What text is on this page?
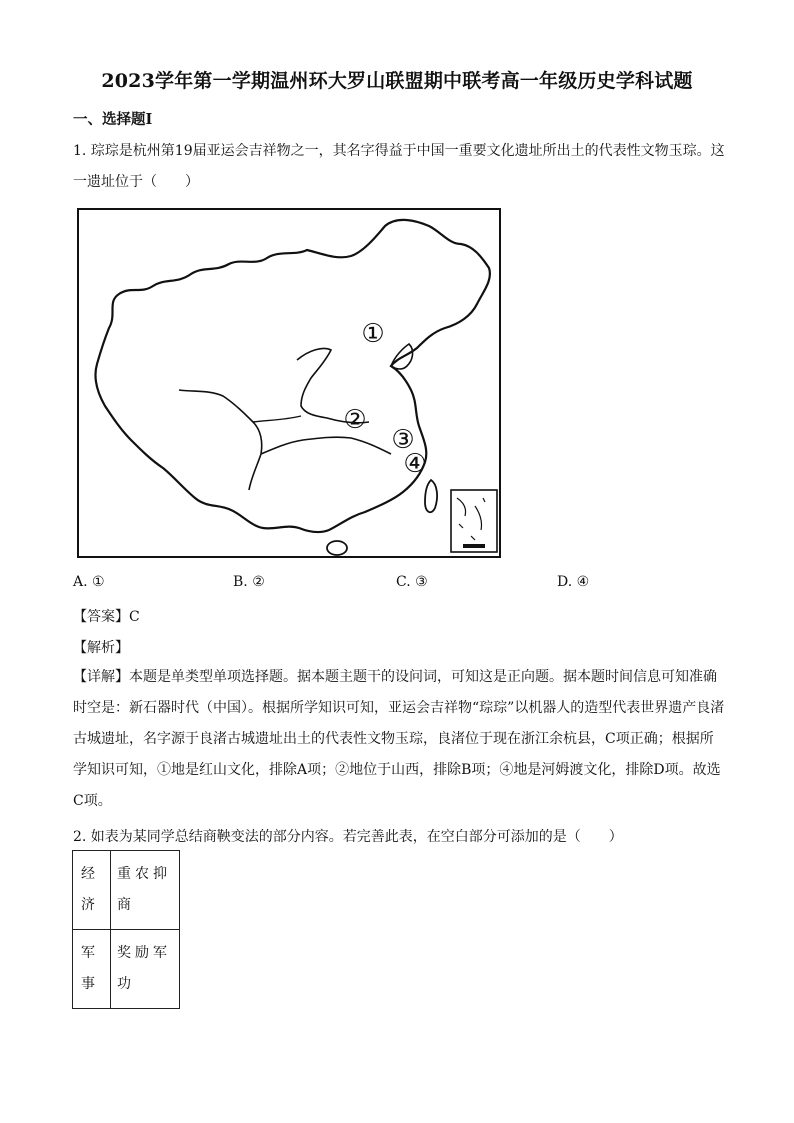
2023学年第一学期温州环大罗山联盟期中联考高一年级历史学科试题
一、选择题Ⅰ
1. 琮琮是杭州第19届亚运会吉祥物之一，其名字得益于中国一重要文化遗址所出土的代表性文物玉琮。这一遗址位于（　　）
①
②
③
④
A. ①	B. ②	C. ③	D. ④
【答案】C
【解析】
【详解】本题是单类型单项选择题。据本题主题干的设问词，可知这是正向题。据本题时间信息可知准确时空是：新石器时代（中国）。根据所学知识可知，亚运会吉祥物“琮琮”以机器人的造型代表世界遗产良渚古城遗址，名字源于良渚古城遗址出土的代表性文物玉琮，良渚位于现在浙江余杭县，C项正确；根据所学知识可知，①地是红山文化，排除A项；②地位于山西，排除B项；④地是河姆渡文化，排除D项。故选C项。
2. 如表为某同学总结商鞅变法的部分内容。若完善此表，在空白部分可添加的是（　　）
经济	重农抑商
军事	奖励军功
